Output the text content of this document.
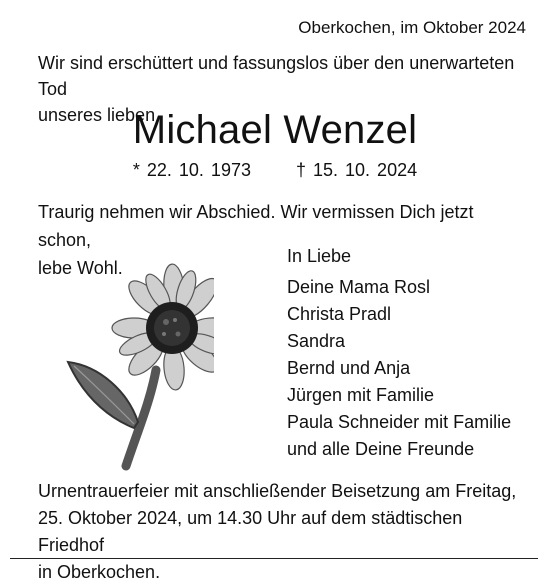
Oberkochen, im Oktober 2024
Wir sind erschüttert und fassungslos über den unerwarteten Tod
unseres lieben
Michael Wenzel
* 22. 10. 1973	† 15. 10. 2024
Traurig nehmen wir Abschied. Wir vermissen Dich jetzt schon,
lebe Wohl.
In Liebe
Deine Mama Rosl
Christa Pradl
Sandra
Bernd und Anja
Jürgen mit Familie
Paula Schneider mit Familie
und alle Deine Freunde
Urnentrauerfeier mit anschließender Beisetzung am Freitag,
25. Oktober 2024, um 14.30 Uhr auf dem städtischen Friedhof
in Oberkochen.
